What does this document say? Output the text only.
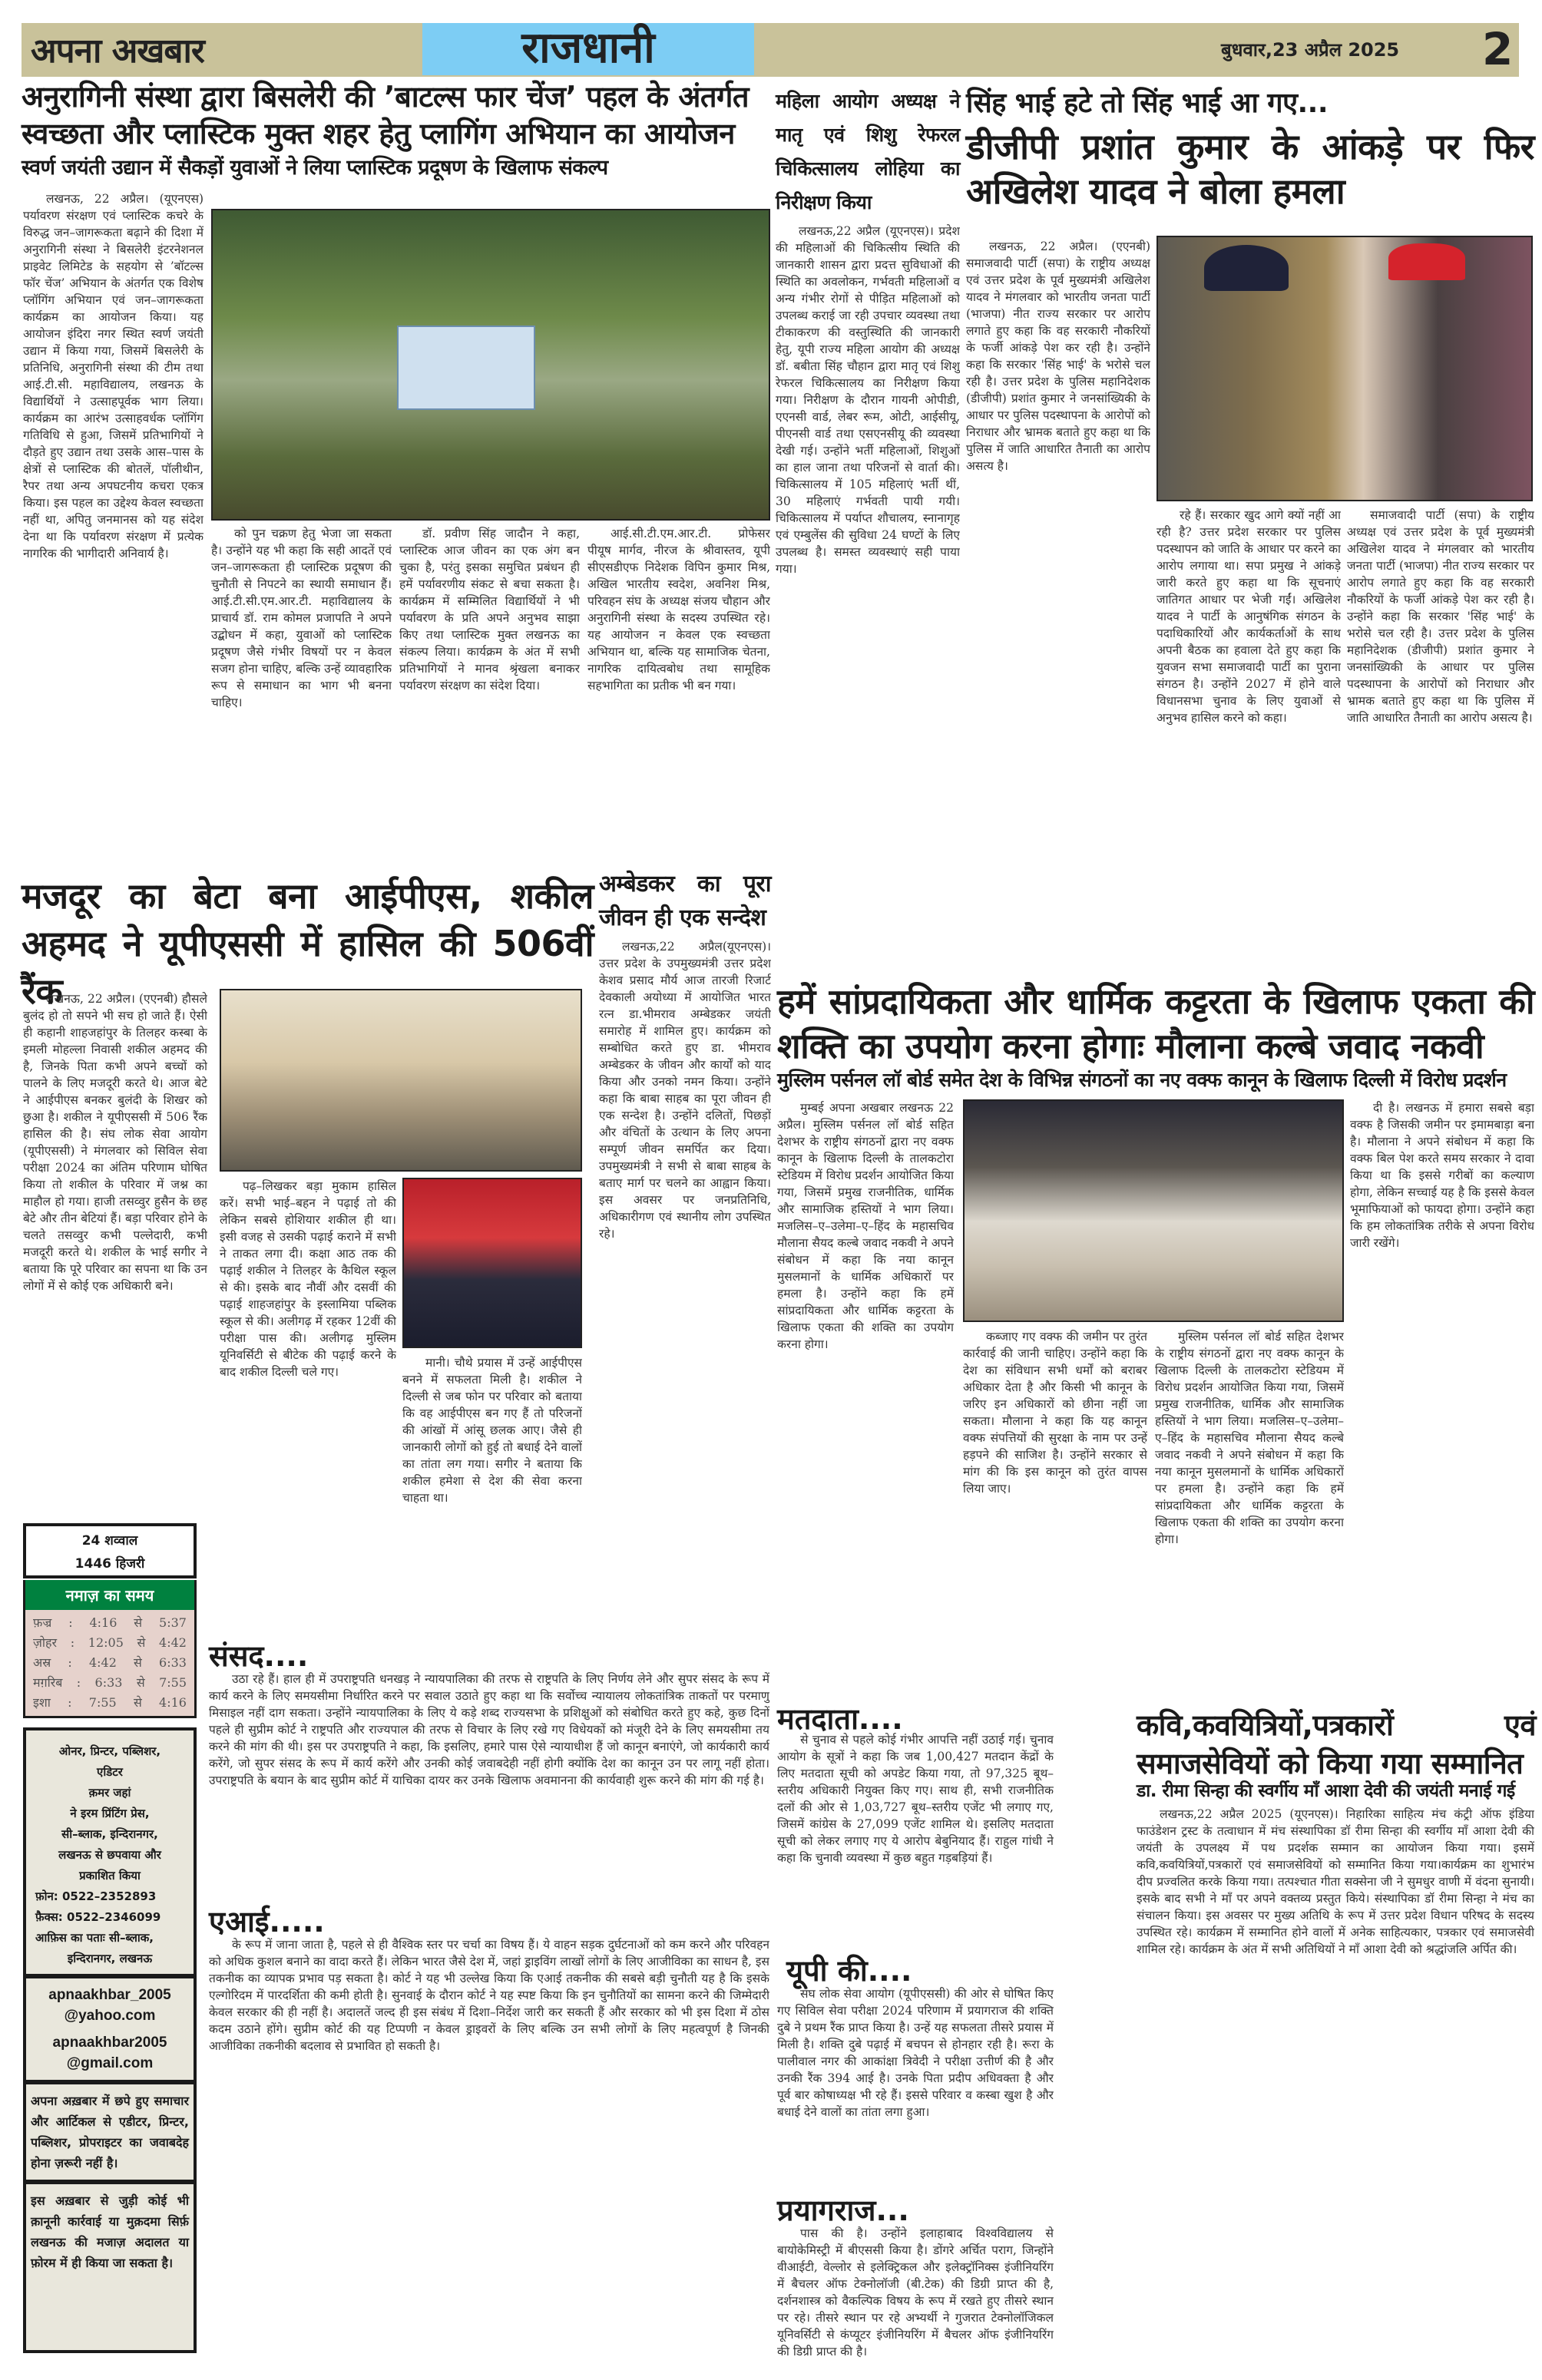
अपना अखबार	राजधानी	बुधवार,23 अप्रैल 2025 2
अनुरागिनी संस्था द्वारा बिसलेरी की ’बाटल्स फार चेंज’ पहल के अंतर्गत
स्वच्छता और प्लास्टिक मुक्त शहर हेतु प्लागिंग अभियान का आयोजन
स्वर्ण जयंती उद्यान में सैकड़ों युवाओं ने लिया प्लास्टिक प्रदूषण के खिलाफ संकल्प

लखनऊ, 22 अप्रैल। (यूएनएस) पर्यावरण संरक्षण एवं प्लास्टिक कचरे के विरुद्ध जन–जागरूकता बढ़ाने की दिशा में अनुरागिनी संस्था ने बिसलेरी इंटरनेशनल प्राइवेट लिमिटेड के सहयोग से ’बॉटल्स फॉर चेंज’ अभियान के अंतर्गत एक विशेष प्लॉगिंग अभियान एवं जन–जागरूकता कार्यक्रम का आयोजन किया। यह आयोजन इंदिरा नगर स्थित स्वर्ण जयंती उद्यान में किया गया, जिसमें बिसलेरी के प्रतिनिधि, अनुरागिनी संस्था की टीम तथा आई.टी.सी. महाविद्यालय, लखनऊ के विद्यार्थियों ने उत्साहपूर्वक भाग लिया। कार्यक्रम का आरंभ उत्साहवर्धक प्लॉगिंग गतिविधि से हुआ, जिसमें प्रतिभागियों ने दौड़ते हुए उद्यान तथा उसके आस–पास के क्षेत्रों से प्लास्टिक की बोतलें, पॉलीथीन, रैपर तथा अन्य अपघटनीय कचरा एकत्र किया। इस पहल का उद्देश्य केवल स्वच्छता नहीं था, अपितु जनमानस को यह संदेश देना था कि पर्यावरण संरक्षण में प्रत्येक नागरिक की भागीदारी अनिवार्य है।

को पुन चक्रण हेतु भेजा जा सकता है। उन्होंने यह भी कहा कि सही आदतें एवं जन–जागरूकता ही प्लास्टिक प्रदूषण की चुनौती से निपटने का स्थायी समाधान हैं। आई.टी.सी.एम.आर.टी. महाविद्यालय के प्राचार्य डॉ. राम कोमल प्रजापति ने अपने उद्बोधन में कहा, युवाओं को प्लास्टिक प्रदूषण जैसे गंभीर विषयों पर न केवल सजग होना चाहिए, बल्कि उन्हें व्यावहारिक रूप से समाधान का भाग भी बनना चाहिए।

डॉ. प्रवीण सिंह जादौन ने कहा, प्लास्टिक आज जीवन का एक अंग बन चुका है, परंतु इसका समुचित प्रबंधन ही हमें पर्यावरणीय संकट से बचा सकता है। कार्यक्रम में सम्मिलित विद्यार्थियों ने भी पर्यावरण के प्रति अपने अनुभव साझा किए तथा प्लास्टिक मुक्त लखनऊ का संकल्प लिया। कार्यक्रम के अंत में सभी प्रतिभागियों ने मानव श्रृंखला बनाकर पर्यावरण संरक्षण का संदेश दिया।

आई.सी.टी.एम.आर.टी. प्रोफेसर पीयूष मार्गव, नीरज के श्रीवास्तव, यूपी सीएसडीएफ निदेशक विपिन कुमार मिश्र, अखिल भारतीय स्वदेश, अवनिश मिश्र, परिवहन संघ के अध्यक्ष संजय चौहान और अनुरागिनी संस्था के सदस्य उपस्थित रहे। यह आयोजन न केवल एक स्वच्छता अभियान था, बल्कि यह सामाजिक चेतना, नागरिक दायित्वबोध तथा सामूहिक सहभागिता का प्रतीक भी बन गया।

महिला आयोग अध्यक्ष ने मातृ एवं शिशु रेफरल चिकित्सालय लोहिया का निरीक्षण किया

लखनऊ,22 अप्रैल (यूएनएस)। प्रदेश की महिलाओं की चिकित्सीय स्थिति की जानकारी शासन द्वारा प्रदत्त सुविधाओं की स्थिति का अवलोकन, गर्भवती महिलाओं व अन्य गंभीर रोगों से पीड़ित महिलाओं को उपलब्ध कराई जा रही उपचार व्यवस्था तथा टीकाकरण की वस्तुस्थिति की जानकारी हेतु, यूपी राज्य महिला आयोग की अध्यक्ष डॉ. बबीता सिंह चौहान द्वारा मातृ एवं शिशु रेफरल चिकित्सालय का निरीक्षण किया गया। निरीक्षण के दौरान गायनी ओपीडी, एएनसी वार्ड, लेबर रूम, ओटी, आईसीयू, पीएनसी वार्ड तथा एसएनसीयू की व्यवस्था देखी गई। उन्होंने भर्ती महिलाओं, शिशुओं का हाल जाना तथा परिजनों से वार्ता की। चिकित्सालय में 105 महिलाएं भर्ती थीं, 30 महिलाएं गर्भवती पायी गयी। चिकित्सालय में पर्याप्त शौचालय, स्नानागृह एवं एम्बुलेंस की सुविधा 24 घण्टों के लिए उपलब्ध है। समस्त व्यवस्थाएं सही पाया गया।

सिंह भाई हटे तो सिंह भाई आ गए...
डीजीपी प्रशांत कुमार के आंकड़े पर फिर अखिलेश यादव ने बोला हमला

लखनऊ, 22 अप्रैल। (एएनबी) समाजवादी पार्टी (सपा) के राष्ट्रीय अध्यक्ष एवं उत्तर प्रदेश के पूर्व मुख्यमंत्री अखिलेश यादव ने मंगलवार को भारतीय जनता पार्टी (भाजपा) नीत राज्य सरकार पर आरोप लगाते हुए कहा कि वह सरकारी नौकरियों के फर्जी आंकड़े पेश कर रही है। उन्होंने कहा कि सरकार 'सिंह भाई' के भरोसे चल रही है। उत्तर प्रदेश के पुलिस महानिदेशक (डीजीपी) प्रशांत कुमार ने जनसांख्यिकी के आधार पर पुलिस पदस्थापना के आरोपों को निराधार और भ्रामक बताते हुए कहा था कि पुलिस में जाति आधारित तैनाती का आरोप असत्य है।

रहे हैं। सरकार खुद आगे क्यों नहीं आ रही है? उत्तर प्रदेश सरकार पर पुलिस पदस्थापन को जाति के आधार पर करने का आरोप लगाया था। सपा प्रमुख ने आंकड़े जारी करते हुए कहा था कि सूचनाएं जातिगत आधार पर भेजी गईं। अखिलेश यादव ने पार्टी के आनुषंगिक संगठन के पदाधिकारियों और कार्यकर्ताओं के साथ अपनी बैठक का हवाला देते हुए कहा कि युवजन सभा समाजवादी पार्टी का पुराना संगठन है। उन्होंने 2027 में होने वाले विधानसभा चुनाव के लिए युवाओं से अनुभव हासिल करने को कहा।

समाजवादी पार्टी (सपा) के राष्ट्रीय अध्यक्ष एवं उत्तर प्रदेश के पूर्व मुख्यमंत्री अखिलेश यादव ने मंगलवार को भारतीय जनता पार्टी (भाजपा) नीत राज्य सरकार पर आरोप लगाते हुए कहा कि वह सरकारी नौकरियों के फर्जी आंकड़े पेश कर रही है। उन्होंने कहा कि सरकार 'सिंह भाई' के भरोसे चल रही है। उत्तर प्रदेश के पुलिस महानिदेशक (डीजीपी) प्रशांत कुमार ने जनसांख्यिकी के आधार पर पुलिस पदस्थापना के आरोपों को निराधार और भ्रामक बताते हुए कहा था कि पुलिस में जाति आधारित तैनाती का आरोप असत्य है।

मजदूर का बेटा बना आईपीएस, शकील अहमद ने यूपीएससी में हासिल की 506वीं रैंक

लखनऊ, 22 अप्रैल। (एएनबी) हौसले बुलंद हो तो सपने भी सच हो जाते हैं। ऐसी ही कहानी शाहजहांपुर के तिलहर कस्बा के इमली मोहल्ला निवासी शकील अहमद की है, जिनके पिता कभी अपने बच्चों को पालने के लिए मजदूरी करते थे। आज बेटे ने आईपीएस बनकर बुलंदी के शिखर को छुआ है। शकील ने यूपीएससी में 506 रैंक हासिल की है। संघ लोक सेवा आयोग (यूपीएससी) ने मंगलवार को सिविल सेवा परीक्षा 2024 का अंतिम परिणाम घोषित किया तो शकील के परिवार में जश्न का माहौल हो गया। हाजी तसव्वुर हुसैन के छह बेटे और तीन बेटियां हैं। बड़ा परिवार होने के चलते तसव्वुर कभी पल्लेदारी, कभी मजदूरी करते थे। शकील के भाई सगीर ने बताया कि पूरे परिवार का सपना था कि उन लोगों में से कोई एक अधिकारी बने।

पढ़–लिखकर बड़ा मुकाम हासिल करें। सभी भाई–बहन ने पढ़ाई तो की लेकिन सबसे होशियार शकील ही था। इसी वजह से उसकी पढ़ाई कराने में सभी ने ताकत लगा दी। कक्षा आठ तक की पढ़ाई शकील ने तिलहर के कैथिल स्कूल से की। इसके बाद नौवीं और दसवीं की पढ़ाई शाहजहांपुर के इस्लामिया पब्लिक स्कूल से की। अलीगढ़ में रहकर 12वीं की परीक्षा पास की। अलीगढ़ मुस्लिम यूनिवर्सिटी से बीटेक की पढ़ाई करने के बाद शकील दिल्ली चले गए।

मानी। चौथे प्रयास में उन्हें आईपीएस बनने में सफलता मिली है। शकील ने दिल्ली से जब फोन पर परिवार को बताया कि वह आईपीएस बन गए हैं तो परिजनों की आंखों में आंसू छलक आए। जैसे ही जानकारी लोगों को हुई तो बधाई देने वालों का तांता लग गया। सगीर ने बताया कि शकील हमेशा से देश की सेवा करना चाहता था।

अम्बेडकर का पूरा जीवन ही एक सन्देश

लखनऊ,22 अप्रैल(यूएनएस)। उत्तर प्रदेश के उपमुख्यमंत्री उत्तर प्रदेश केशव प्रसाद मौर्य आज तारजी रिजार्ट देवकाली अयोध्या में आयोजित भारत रत्न डा.भीमराव अम्बेडकर जयंती समारोह में शामिल हुए। कार्यक्रम को सम्बोधित करते हुए डा. भीमराव अम्बेडकर के जीवन और कार्यों को याद किया और उनको नमन किया। उन्होंने कहा कि बाबा साहब का पूरा जीवन ही एक सन्देश है। उन्होंने दलितों, पिछड़ों और वंचितों के उत्थान के लिए अपना सम्पूर्ण जीवन समर्पित कर दिया। उपमुख्यमंत्री ने सभी से बाबा साहब के बताए मार्ग पर चलने का आह्वान किया। इस अवसर पर जनप्रतिनिधि, अधिकारीगण एवं स्थानीय लोग उपस्थित रहे।

हमें सांप्रदायिकता और धार्मिक कट्टरता के खिलाफ एकता की शक्ति का उपयोग करना होगाः मौलाना कल्बे जवाद नकवी
मुस्लिम पर्सनल लॉ बोर्ड समेत देश के विभिन्न संगठनों का नए वक्फ कानून के खिलाफ दिल्ली में विरोध प्रदर्शन

मुम्बई अपना अखबार लखनऊ 22 अप्रैल। मुस्लिम पर्सनल लॉ बोर्ड सहित देशभर के राष्ट्रीय संगठनों द्वारा नए वक्फ कानून के खिलाफ दिल्ली के तालकटोरा स्टेडियम में विरोध प्रदर्शन आयोजित किया गया, जिसमें प्रमुख राजनीतिक, धार्मिक और सामाजिक हस्तियों ने भाग लिया। मजलिस–ए–उलेमा–ए–हिंद के महासचिव मौलाना सैयद कल्बे जवाद नकवी ने अपने संबोधन में कहा कि नया कानून मुसलमानों के धार्मिक अधिकारों पर हमला है। उन्होंने कहा कि हमें सांप्रदायिकता और धार्मिक कट्टरता के खिलाफ एकता की शक्ति का उपयोग करना होगा।

कब्जाए गए वक्फ की जमीन पर तुरंत कार्रवाई की जानी चाहिए। उन्होंने कहा कि देश का संविधान सभी धर्मों को बराबर अधिकार देता है और किसी भी कानून के जरिए इन अधिकारों को छीना नहीं जा सकता। मौलाना ने कहा कि यह कानून वक्फ संपत्तियों की सुरक्षा के नाम पर उन्हें हड़पने की साजिश है। उन्होंने सरकार से मांग की कि इस कानून को तुरंत वापस लिया जाए।

मुस्लिम पर्सनल लॉ बोर्ड सहित देशभर के राष्ट्रीय संगठनों द्वारा नए वक्फ कानून के खिलाफ दिल्ली के तालकटोरा स्टेडियम में विरोध प्रदर्शन आयोजित किया गया, जिसमें प्रमुख राजनीतिक, धार्मिक और सामाजिक हस्तियों ने भाग लिया। मजलिस–ए–उलेमा–ए–हिंद के महासचिव मौलाना सैयद कल्बे जवाद नकवी ने अपने संबोधन में कहा कि नया कानून मुसलमानों के धार्मिक अधिकारों पर हमला है। उन्होंने कहा कि हमें सांप्रदायिकता और धार्मिक कट्टरता के खिलाफ एकता की शक्ति का उपयोग करना होगा।

दी है। लखनऊ में हमारा सबसे बड़ा वक्फ है जिसकी जमीन पर इमामबाड़ा बना है। मौलाना ने अपने संबोधन में कहा कि वक्फ बिल पेश करते समय सरकार ने दावा किया था कि इससे गरीबों का कल्याण होगा, लेकिन सच्चाई यह है कि इससे केवल भूमाफियाओं को फायदा होगा। उन्होंने कहा कि हम लोकतांत्रिक तरीके से अपना विरोध जारी रखेंगे।

24 शव्वाल
1446 हिजरी
नमाज़ का समय
फ़ज्र : 4:16 से 5:37
ज़ोहर : 12:05 से 4:42
अस्र : 4:42 से 6:33
मग़रिब : 6:33 से 7:55
इशा : 7:55 से 4:16
ओनर, प्रिन्टर, पब्लिशर,
एडिटर
क़मर जहां
ने इरम प्रिंटिंग प्रेस,
सी–ब्लाक, इन्दिरानगर,
लखनऊ से छपवाया और
प्रकाशित किया
फ़ोन: 0522–2352893
फ़ैक्स: 0522–2346099
आफ़िस का पताः सी–ब्लाक,
इन्दिरानगर, लखनऊ
apnaakhbar_2005
@yahoo.com
apnaakhbar2005
@gmail.com
अपना अख़बार में छपे हुए समाचार और आर्टिकल से एडीटर, प्रिन्टर, पब्लिशर, प्रोपराइटर का जवाबदेह होना ज़रूरी नहीं है।
इस अख़बार से जुड़ी कोई भी क़ानूनी कार्रवाई या मुक़दमा सिर्फ़ लखनऊ की मजाज़ अदालत या फ़ोरम में ही किया जा सकता है।
संसद....

उठा रहे हैं। हाल ही में उपराष्ट्रपति धनखड़ ने न्यायपालिका की तरफ से राष्ट्रपति के लिए निर्णय लेने और सुपर संसद के रूप में कार्य करने के लिए समयसीमा निर्धारित करने पर सवाल उठाते हुए कहा था कि सर्वोच्च न्यायालय लोकतांत्रिक ताकतों पर परमाणु मिसाइल नहीं दाग सकता। उन्होंने न्यायपालिका के लिए ये कड़े शब्द राज्यसभा के प्रशिक्षुओं को संबोधित करते हुए कहे, कुछ दिनों पहले ही सुप्रीम कोर्ट ने राष्ट्रपति और राज्यपाल की तरफ से विचार के लिए रखे गए विधेयकों को मंजूरी देने के लिए समयसीमा तय करने की मांग की थी। इस पर उपराष्ट्रपति ने कहा, कि इसलिए, हमारे पास ऐसे न्यायाधीश हैं जो कानून बनाएंगे, जो कार्यकारी कार्य करेंगे, जो सुपर संसद के रूप में कार्य करेंगे और उनकी कोई जवाबदेही नहीं होगी क्योंकि देश का कानून उन पर लागू नहीं होता। उपराष्ट्रपति के बयान के बाद सुप्रीम कोर्ट में याचिका दायर कर उनके खिलाफ अवमानना की कार्यवाही शुरू करने की मांग की गई है।

एआई.....

के रूप में जाना जाता है, पहले से ही वैश्विक स्तर पर चर्चा का विषय हैं। ये वाहन सड़क दुर्घटनाओं को कम करने और परिवहन को अधिक कुशल बनाने का वादा करते हैं। लेकिन भारत जैसे देश में, जहां ड्राइविंग लाखों लोगों के लिए आजीविका का साधन है, इस तकनीक का व्यापक प्रभाव पड़ सकता है। कोर्ट ने यह भी उल्लेख किया कि एआई तकनीक की सबसे बड़ी चुनौती यह है कि इसके एल्गोरिदम में पारदर्शिता की कमी होती है। सुनवाई के दौरान कोर्ट ने यह स्पष्ट किया कि इन चुनौतियों का सामना करने की जिम्मेदारी केवल सरकार की ही नहीं है। अदालतें जल्द ही इस संबंध में दिशा–निर्देश जारी कर सकती हैं और सरकार को भी इस दिशा में ठोस कदम उठाने होंगे। सुप्रीम कोर्ट की यह टिप्पणी न केवल ड्राइवरों के लिए बल्कि उन सभी लोगों के लिए महत्वपूर्ण है जिनकी आजीविका तकनीकी बदलाव से प्रभावित हो सकती है।

मतदाता....

से चुनाव से पहले कोई गंभीर आपत्ति नहीं उठाई गई। चुनाव आयोग के सूत्रों ने कहा कि जब 1,00,427 मतदान केंद्रों के लिए मतदाता सूची को अपडेट किया गया, तो 97,325 बूथ–स्तरीय अधिकारी नियुक्त किए गए। साथ ही, सभी राजनीतिक दलों की ओर से 1,03,727 बूथ–स्तरीय एजेंट भी लगाए गए, जिसमें कांग्रेस के 27,099 एजेंट शामिल थे। इसलिए मतदाता सूची को लेकर लगाए गए ये आरोप बेबुनियाद हैं। राहुल गांधी ने कहा कि चुनावी व्यवस्था में कुछ बहुत गड़बड़ियां हैं।

यूपी की....

संघ लोक सेवा आयोग (यूपीएससी) की ओर से घोषित किए गए सिविल सेवा परीक्षा 2024 परिणाम में प्रयागराज की शक्ति दुबे ने प्रथम रैंक प्राप्त किया है। उन्हें यह सफलता तीसरे प्रयास में मिली है। शक्ति दुबे पढ़ाई में बचपन से होनहार रही है। रूरा के पालीवाल नगर की आकांक्षा त्रिवेदी ने परीक्षा उत्तीर्ण की है और उनकी रैंक 394 आई है। उनके पिता प्रदीप अधिवक्ता है और पूर्व बार कोषाध्यक्ष भी रहे हैं। इससे परिवार व कस्बा खुश है और बधाई देने वालों का तांता लगा हुआ।

प्रयागराज...

पास की है। उन्होंने इलाहाबाद विश्वविद्यालय से बायोकेमिस्ट्री में बीएससी किया है। डोंगरे अर्चित पराग, जिन्होंने वीआईटी, वेल्लोर से इलेक्ट्रिकल और इलेक्ट्रॉनिक्स इंजीनियरिंग में बैचलर ऑफ टेक्नोलॉजी (बी.टेक) की डिग्री प्राप्त की है, दर्शनशास्त्र को वैकल्पिक विषय के रूप में रखते हुए तीसरे स्थान पर रहे। तीसरे स्थान पर रहे अभ्यर्थी ने गुजरात टेक्नोलॉजिकल यूनिवर्सिटी से कंप्यूटर इंजीनियरिंग में बैचलर ऑफ इंजीनियरिंग की डिग्री प्राप्त की है।

कवि,कवयित्रियों,पत्रकारों एवं समाजसेवियों को किया गया सम्मानित
डा. रीमा सिन्हा की स्वर्गीय माँ आशा देवी की जयंती मनाई गई

लखनऊ,22 अप्रैल 2025 (यूएनएस)। निहारिका साहित्य मंच कंट्री ऑफ इंडिया फाउंडेशन ट्रस्ट के तत्वाधान में मंच संस्थापिका डॉ रीमा सिन्हा की स्वर्गीय माँ आशा देवी की जयंती के उपलक्ष्य में पथ प्रदर्शक सम्मान का आयोजन किया गया। इसमें कवि,कवयित्रियों,पत्रकारों एवं समाजसेवियों को सम्मानित किया गया।कार्यक्रम का शुभारंभ दीप प्रज्वलित करके किया गया। तत्पश्चात गीता सक्सेना जी ने सुमधुर वाणी में वंदना सुनायी। इसके बाद सभी ने माँ पर अपने वक्तव्य प्रस्तुत किये। संस्थापिका डॉ रीमा सिन्हा ने मंच का संचालन किया। इस अवसर पर मुख्य अतिथि के रूप में उत्तर प्रदेश विधान परिषद के सदस्य उपस्थित रहे। कार्यक्रम में सम्मानित होने वालों में अनेक साहित्यकार, पत्रकार एवं समाजसेवी शामिल रहे। कार्यक्रम के अंत में सभी अतिथियों ने माँ आशा देवी को श्रद्धांजलि अर्पित की।
